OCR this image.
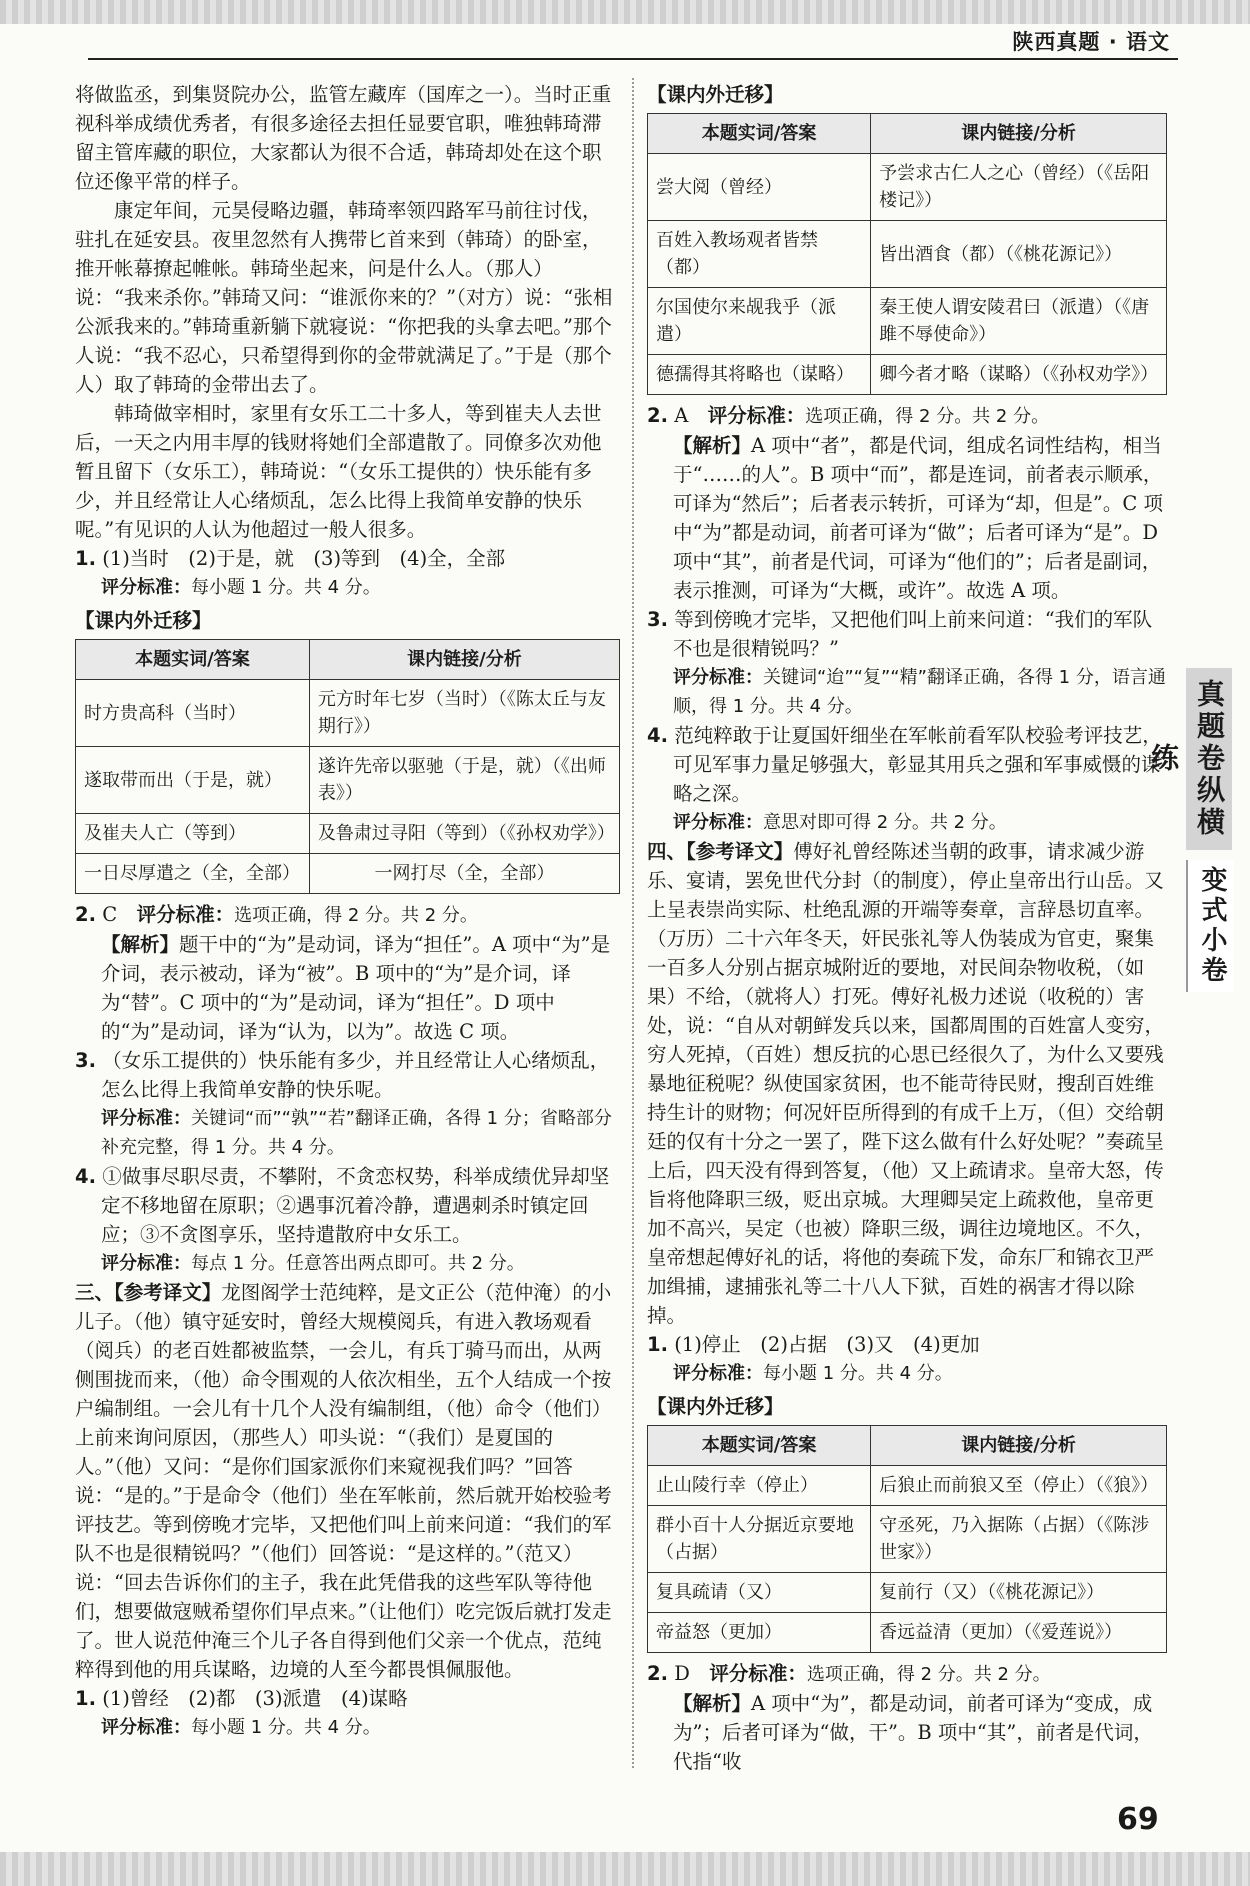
陕西真题 · 语文

将做监丞，到集贤院办公，监管左藏库（国库之一）。当时正重视科举成绩优秀者，有很多途径去担任显要官职，唯独韩琦滞留主管库藏的职位，大家都认为很不合适，韩琦却处在这个职位还像平常的样子。

康定年间，元昊侵略边疆，韩琦率领四路军马前往讨伐，驻扎在延安县。夜里忽然有人携带匕首来到（韩琦）的卧室，推开帐幕撩起帷帐。韩琦坐起来，问是什么人。（那人）说：“我来杀你。”韩琦又问：“谁派你来的？”（对方）说：“张相公派我来的。”韩琦重新躺下就寝说：“你把我的头拿去吧。”那个人说：“我不忍心，只希望得到你的金带就满足了。”于是（那个人）取了韩琦的金带出去了。

韩琦做宰相时，家里有女乐工二十多人，等到崔夫人去世后，一天之内用丰厚的钱财将她们全部遣散了。同僚多次劝他暂且留下（女乐工），韩琦说：“（女乐工提供的）快乐能有多少，并且经常让人心绪烦乱，怎么比得上我简单安静的快乐呢。”有见识的人认为他超过一般人很多。

1. (1)当时　(2)于是，就　(3)等到　(4)全，全部

评分标准：每小题 1 分。共 4 分。

【课内外迁移】

本题实词/答案	课内链接/分析
时方贵高科（当时）	元方时年七岁（当时）（《陈太丘与友期行》）
遂取带而出（于是，就）	遂许先帝以驱驰（于是，就）（《出师表》）
及崔夫人亡（等到）	及鲁肃过寻阳（等到）（《孙权劝学》）
一日尽厚遣之（全，全部）	一网打尽（全，全部）

2. C　评分标准：选项正确，得 2 分。共 2 分。

【解析】题干中的“为”是动词，译为“担任”。A 项中“为”是介词，表示被动，译为“被”。B 项中的“为”是介词，译为“替”。C 项中的“为”是动词，译为“担任”。D 项中的“为”是动词，译为“认为，以为”。故选 C 项。

3. （女乐工提供的）快乐能有多少，并且经常让人心绪烦乱，怎么比得上我简单安静的快乐呢。

评分标准：关键词“而”“孰”“若”翻译正确，各得 1 分；省略部分补充完整，得 1 分。共 4 分。

4. ①做事尽职尽责，不攀附，不贪恋权势，科举成绩优异却坚定不移地留在原职；②遇事沉着冷静，遭遇刺杀时镇定回应；③不贪图享乐，坚持遣散府中女乐工。

评分标准：每点 1 分。任意答出两点即可。共 2 分。

三、【参考译文】龙图阁学士范纯粹，是文正公（范仲淹）的小儿子。（他）镇守延安时，曾经大规模阅兵，有进入教场观看（阅兵）的老百姓都被监禁，一会儿，有兵丁骑马而出，从两侧围拢而来，（他）命令围观的人依次相坐，五个人结成一个按户编制组。一会儿有十几个人没有编制组，（他）命令（他们）上前来询问原因，（那些人）叩头说：“（我们）是夏国的人。”（他）又问：“是你们国家派你们来窥视我们吗？”回答说：“是的。”于是命令（他们）坐在军帐前，然后就开始校验考评技艺。等到傍晚才完毕，又把他们叫上前来问道：“我们的军队不也是很精锐吗？”（他们）回答说：“是这样的。”（范又）说：“回去告诉你们的主子，我在此凭借我的这些军队等待他们，想要做寇贼希望你们早点来。”（让他们）吃完饭后就打发走了。世人说范仲淹三个儿子各自得到他们父亲一个优点，范纯粹得到他的用兵谋略，边境的人至今都畏惧佩服他。

1. (1)曾经　(2)都　(3)派遣　(4)谋略

评分标准：每小题 1 分。共 4 分。

【课内外迁移】

本题实词/答案	课内链接/分析
尝大阅（曾经）	予尝求古仁人之心（曾经）（《岳阳楼记》）
百姓入教场观者皆禁（都）	皆出酒食（都）（《桃花源记》）
尔国使尔来觇我乎（派遣）	秦王使人谓安陵君曰（派遣）（《唐雎不辱使命》）
德孺得其将略也（谋略）	卿今者才略（谋略）（《孙权劝学》）

2. A　评分标准：选项正确，得 2 分。共 2 分。

【解析】A 项中“者”，都是代词，组成名词性结构，相当于“……的人”。B 项中“而”，都是连词，前者表示顺承，可译为“然后”；后者表示转折，可译为“却，但是”。C 项中“为”都是动词，前者可译为“做”；后者可译为“是”。D 项中“其”，前者是代词，可译为“他们的”；后者是副词，表示推测，可译为“大概，或许”。故选 A 项。

3. 等到傍晚才完毕，又把他们叫上前来问道：“我们的军队不也是很精锐吗？”

评分标准：关键词“迨”“复”“精”翻译正确，各得 1 分，语言通顺，得 1 分。共 4 分。

4. 范纯粹敢于让夏国奸细坐在军帐前看军队校验考评技艺，可见军事力量足够强大，彰显其用兵之强和军事威慑的谋略之深。

评分标准：意思对即可得 2 分。共 2 分。

四、【参考译文】傅好礼曾经陈述当朝的政事，请求减少游乐、宴请，罢免世代分封（的制度），停止皇帝出行山岳。又上呈表崇尚实际、杜绝乱源的开端等奏章，言辞恳切直率。（万历）二十六年冬天，奸民张礼等人伪装成为官吏，聚集一百多人分别占据京城附近的要地，对民间杂物收税，（如果）不给，（就将人）打死。傅好礼极力述说（收税的）害处，说：“自从对朝鲜发兵以来，国都周围的百姓富人变穷，穷人死掉，（百姓）想反抗的心思已经很久了，为什么又要残暴地征税呢？纵使国家贫困，也不能苛待民财，搜刮百姓维持生计的财物；何况奸臣所得到的有成千上万，（但）交给朝廷的仅有十分之一罢了，陛下这么做有什么好处呢？”奏疏呈上后，四天没有得到答复，（他）又上疏请求。皇帝大怒，传旨将他降职三级，贬出京城。大理卿吴定上疏救他，皇帝更加不高兴，吴定（也被）降职三级，调往边境地区。不久，皇帝想起傅好礼的话，将他的奏疏下发，命东厂和锦衣卫严加缉捕，逮捕张礼等二十八人下狱，百姓的祸害才得以除掉。

1. (1)停止　(2)占据　(3)又　(4)更加

评分标准：每小题 1 分。共 4 分。

【课内外迁移】

本题实词/答案	课内链接/分析
止山陵行幸（停止）	后狼止而前狼又至（停止）（《狼》）
群小百十人分据近京要地（占据）	守丞死，乃入据陈（占据）（《陈涉世家》）
复具疏请（又）	复前行（又）（《桃花源记》）
帝益怒（更加）	香远益清（更加）（《爱莲说》）

2. D　评分标准：选项正确，得 2 分。共 2 分。

【解析】A 项中“为”，都是动词，前者可译为“变成，成为”；后者可译为“做，干”。B 项中“其”，前者是代词，代指“收

真题卷纵横练
变式小卷
69
